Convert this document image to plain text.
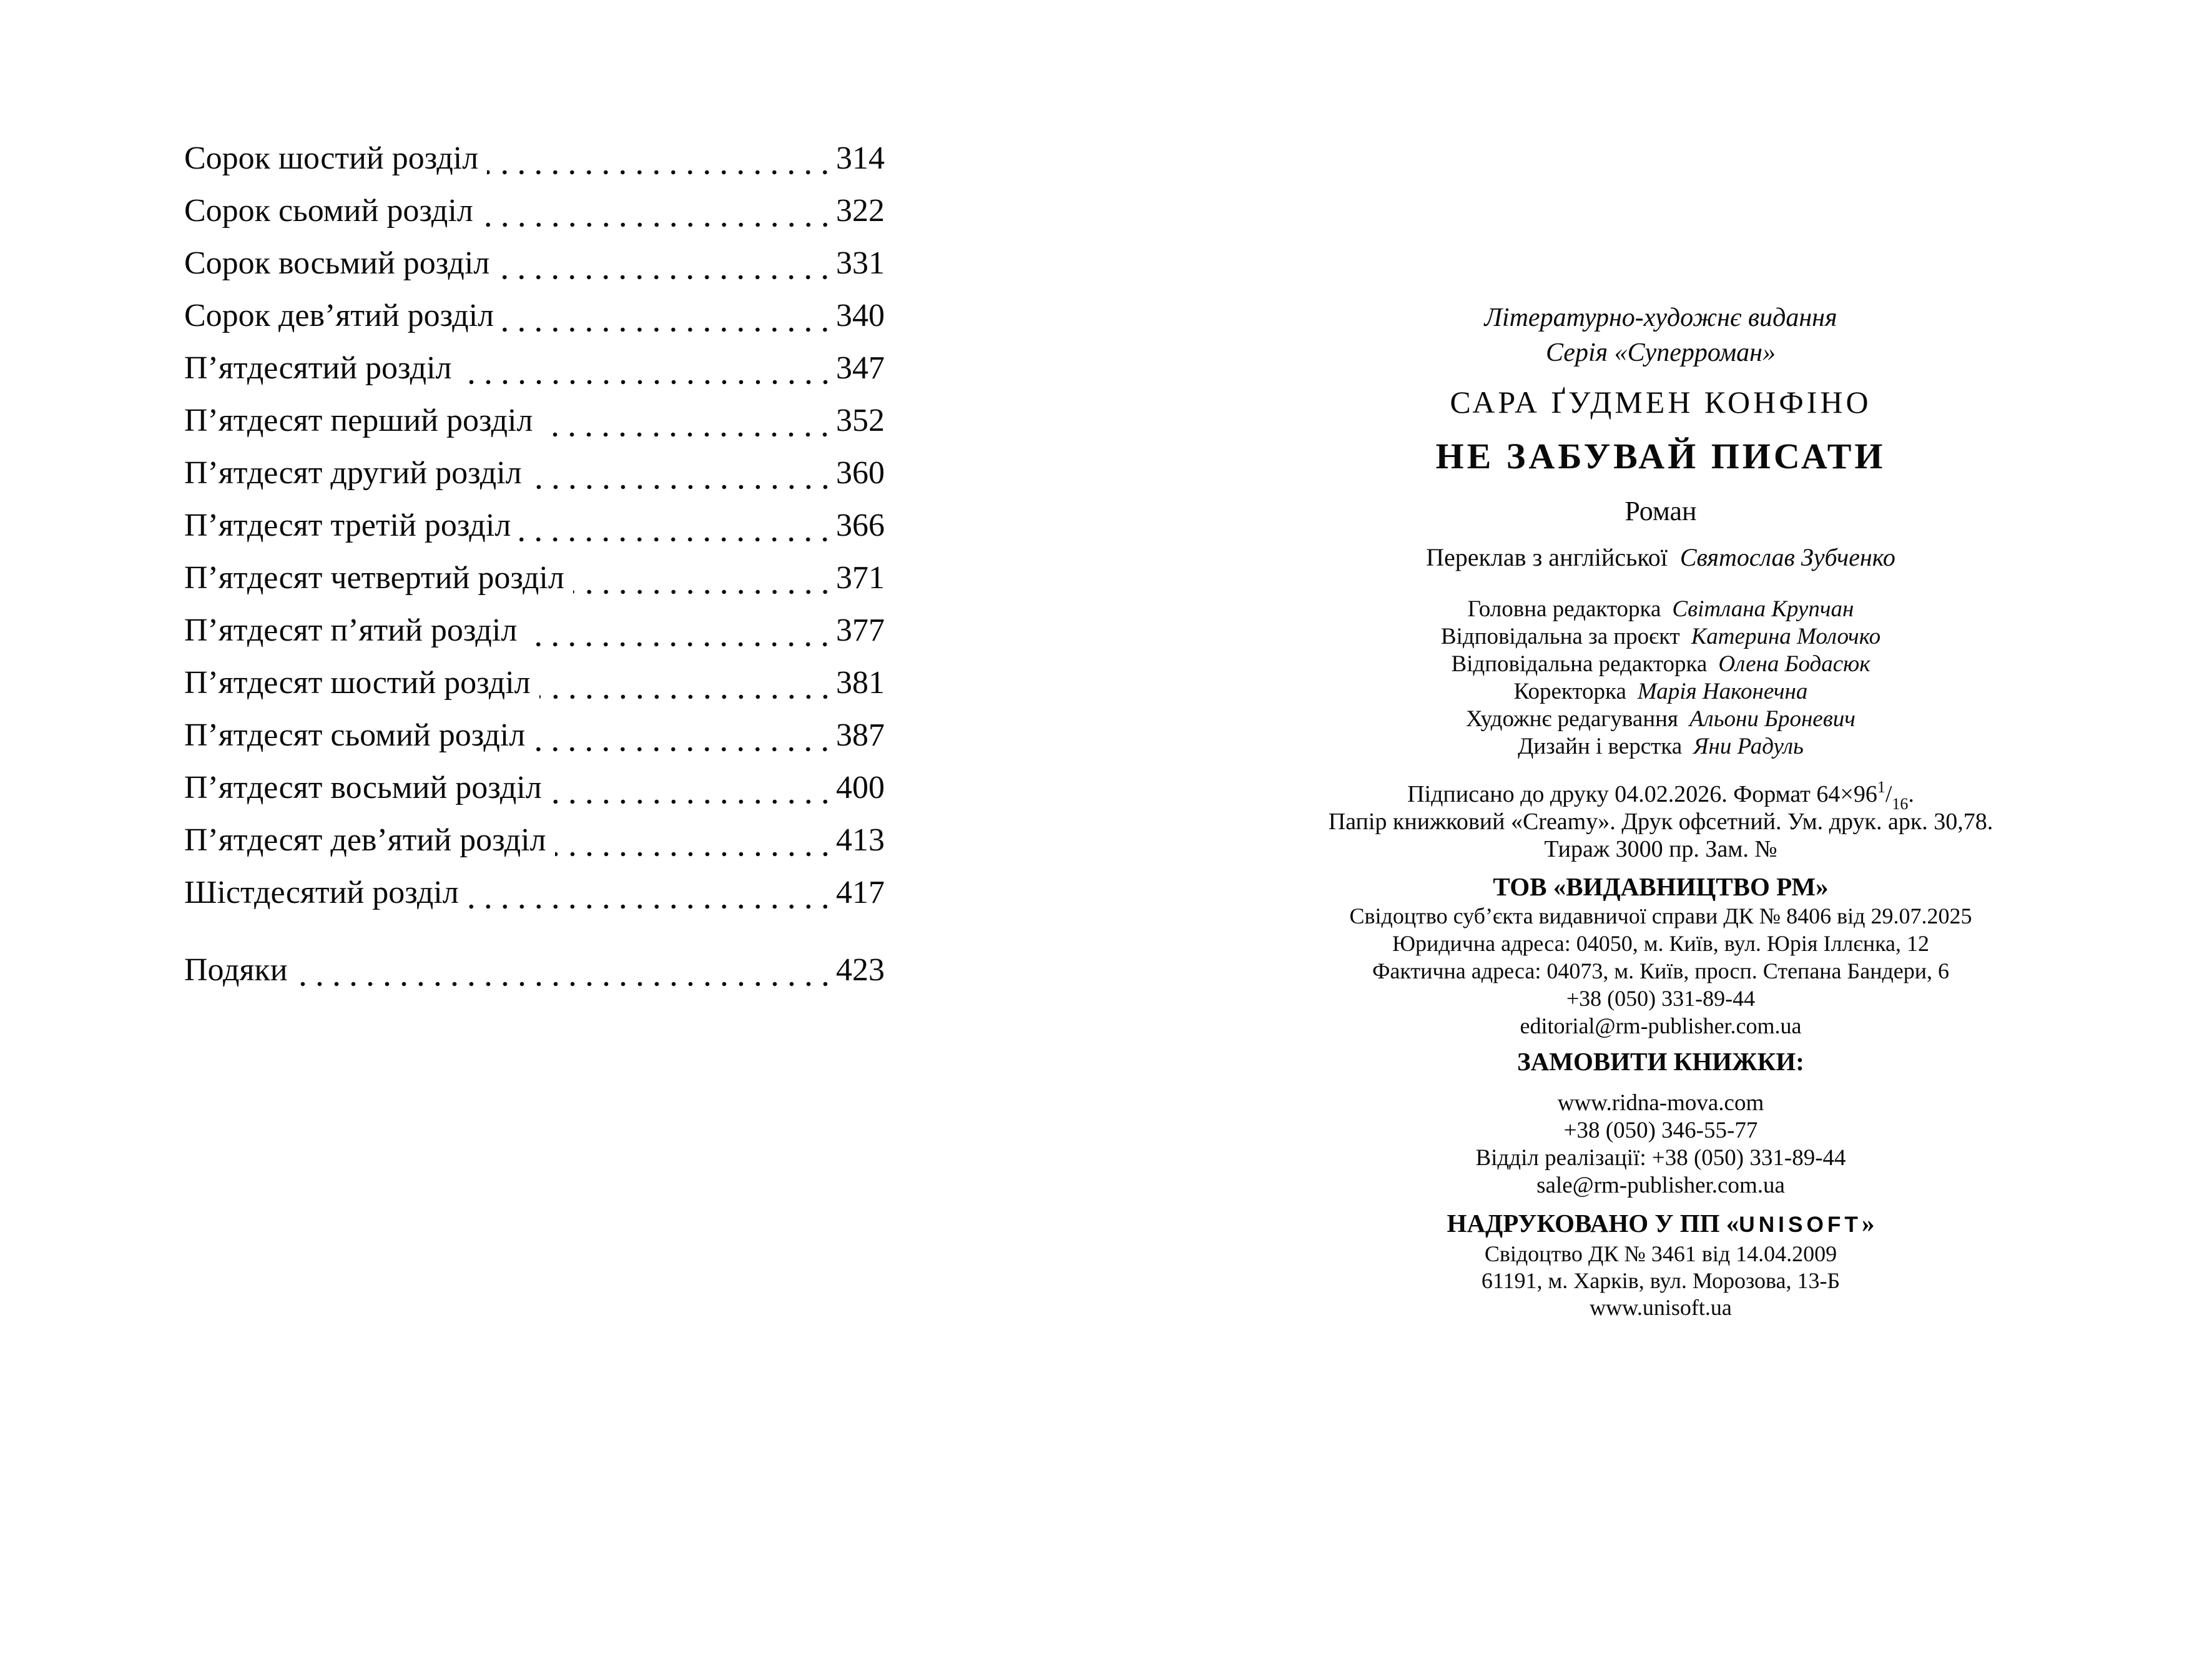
Сорок шостий розділ	314
Сорок сьомий розділ	322
Сорок восьмий розділ	331
Сорок дев’ятий розділ	340
П’ятдесятий розділ	347
П’ятдесят перший розділ	352
П’ятдесят другий розділ	360
П’ятдесят третій розділ	366
П’ятдесят четвертий розділ	371
П’ятдесят п’ятий розділ	377
П’ятдесят шостий розділ	381
П’ятдесят сьомий розділ	387
П’ятдесят восьмий розділ	400
П’ятдесят дев’ятий розділ	413
Шістдесятий розділ	417
Подяки	423
Літературно-художнє видання
Серія «Суперроман»
САРА ҐУДМЕН КОНФІНО
НЕ ЗАБУВАЙ ПИСАТИ
Роман
Переклав з англійської Святослав Зубченко
Головна редакторка Світлана Крупчан
Відповідальна за проєкт Катерина Молочко
Відповідальна редакторка Олена Бодасюк
Коректорка Марія Наконечна
Художнє редагування Альони Броневич
Дизайн і верстка Яни Радуль
Підписано до друку 04.02.2026. Формат $64\times 96^1/_{16}$.
Папір книжковий «Creamy». Друк офсетний. Ум. друк. арк. 30,78.
Тираж 3000 пр. Зам. №
ТОВ «ВИДАВНИЦТВО РМ»
Свідоцтво суб’єкта видавничої справи ДК № 8406 від 29.07.2025
Юридична адреса: 04050, м. Київ, вул. Юрія Іллєнка, 12
Фактична адреса: 04073, м. Київ, просп. Степана Бандери, 6
+38 (050) 331-89-44
editorial@rm-publisher.com.ua
ЗАМОВИТИ КНИЖКИ:
www.ridna-mova.com
+38 (050) 346-55-77
Відділ реалізації: +38 (050) 331-89-44
sale@rm-publisher.com.ua
НАДРУКОВАНО У ПП «UNISOFT»
Свідоцтво ДК № 3461 від 14.04.2009
61191, м. Харків, вул. Морозова, 13-Б
www.unisoft.ua
